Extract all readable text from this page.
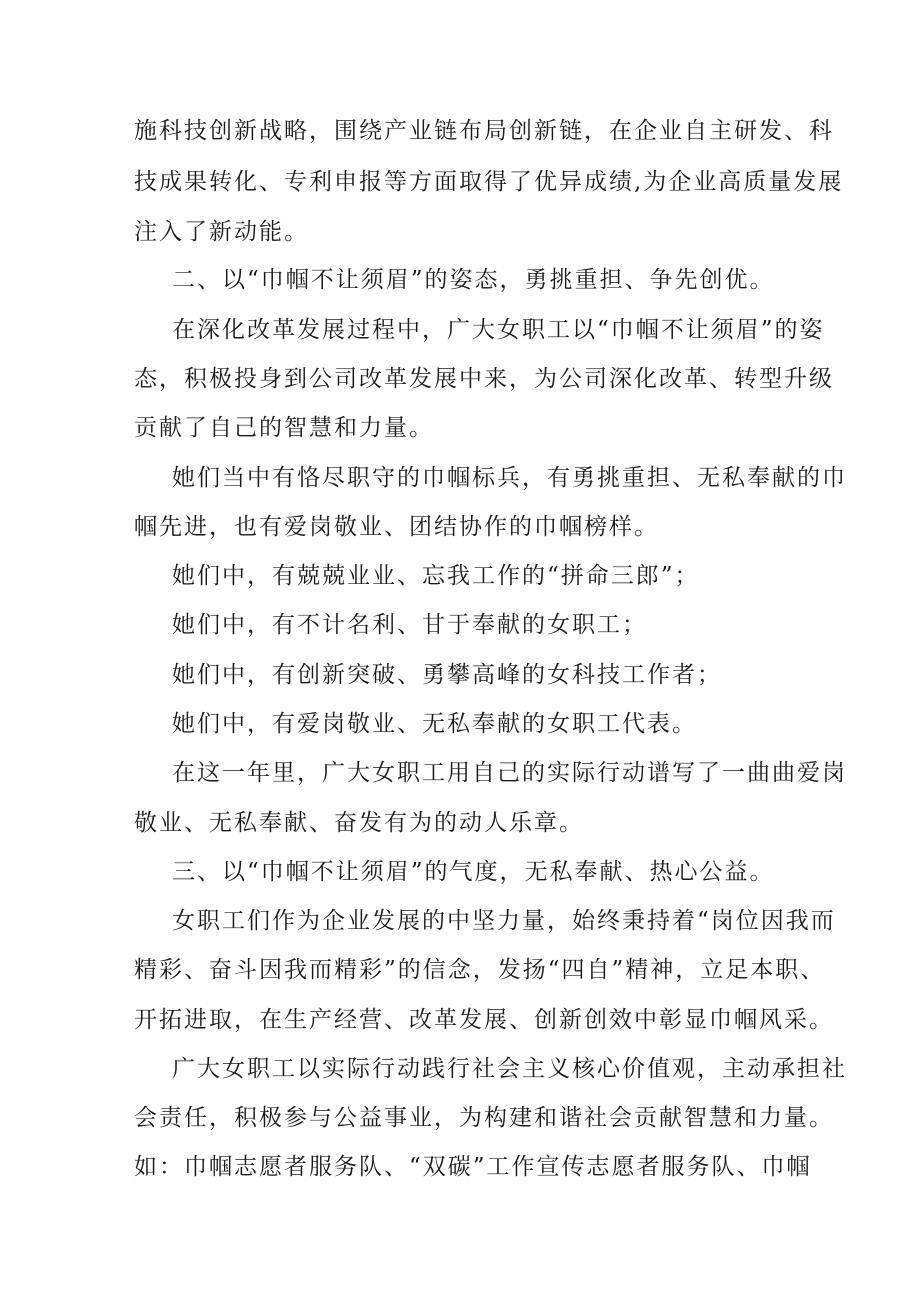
施科技创新战略，围绕产业链布局创新链，在企业自主研发、科
技成果转化、专利申报等方面取得了优异成绩,为企业高质量发展
注入了新动能。
二、以“巾帼不让须眉”的姿态，勇挑重担、争先创优。
在深化改革发展过程中，广大女职工以“巾帼不让须眉”的姿
态，积极投身到公司改革发展中来，为公司深化改革、转型升级
贡献了自己的智慧和力量。
她们当中有恪尽职守的巾帼标兵，有勇挑重担、无私奉献的巾
帼先进，也有爱岗敬业、团结协作的巾帼榜样。
她们中，有兢兢业业、忘我工作的“拼命三郎”；
她们中，有不计名利、甘于奉献的女职工；
她们中，有创新突破、勇攀高峰的女科技工作者；
她们中，有爱岗敬业、无私奉献的女职工代表。
在这一年里，广大女职工用自己的实际行动谱写了一曲曲爱岗
敬业、无私奉献、奋发有为的动人乐章。
三、以“巾帼不让须眉”的气度，无私奉献、热心公益。
女职工们作为企业发展的中坚力量，始终秉持着“岗位因我而
精彩、奋斗因我而精彩”的信念，发扬“四自”精神，立足本职、
开拓进取，在生产经营、改革发展、创新创效中彰显巾帼风采。
广大女职工以实际行动践行社会主义核心价值观，主动承担社
会责任，积极参与公益事业，为构建和谐社会贡献智慧和力量。
如：巾帼志愿者服务队、“双碳”工作宣传志愿者服务队、巾帼
